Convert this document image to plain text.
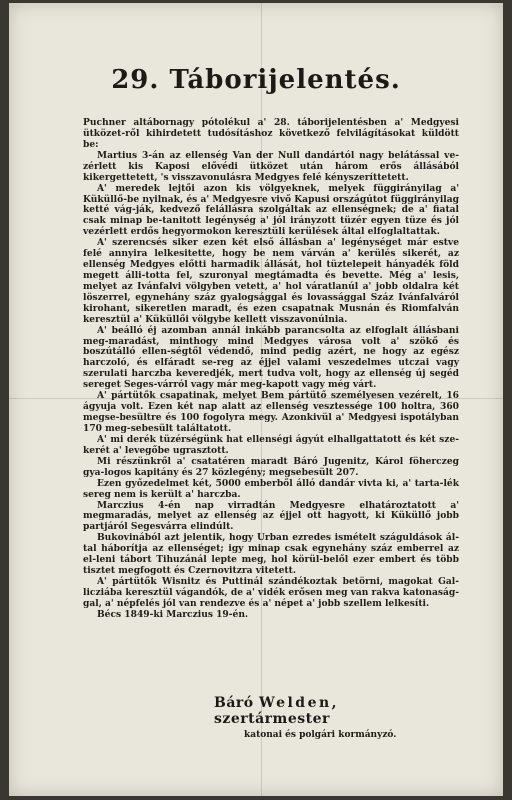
29. Táborijelentés.

Puchner altábornagy pótolékul a' 28. táborijelentésben a' Medgyesi ütközet-ről kihirdetett tudósításhoz következő felvilágításokat küldött be:

Martius 3-án az ellenség Van der Null dandártól nagy belátással ve-zérlett kis Kaposi elővédi ütközet után három erős állásából kikergettetett, 's visszavonulásra Medgyes felé kényszeríttetett.

A' meredek lejtői azon kis völgyeknek, melyek függirányilag a' Küküllő-be nyilnak, és a' Medgyesre vivő Kapusi országútot függirányilag ketté vág-ják, kedvező felállásra szolgáltak az ellenségnek; de a' fiatal csak minap be-tanitott legénység a' jól irányzott tüzér egyen tüze és jól vezérlett erdős hegyormokon keresztüli kerülések által elfoglaltattak.

A' szerencsés siker ezen két első állásban a' legénységet már estve felé annyira lelkesitette, hogy be nem várván a' kerülés sikerét, az ellenség Medgyes előtti harmadik állását, hol tüztelepeit hányadék föld megett álli-totta fel, szuronyal megtámadta és bevette. Még a' lesis, melyet az Ivánfalvi völgyben vetett, a' hol váratlanúl a' jobb oldalra két löszerrel, egynehány száz gyalogsággal és lovassággal Száz Ivánfalváról kirohant, sikeretlen maradt, és ezen csapatnak Musnán és Riomfalván keresztül a' Küküllői völgybe kellett visszavonúlnia.

A' beálló éj azomban annál inkább parancsolta az elfoglalt állásbani meg-maradást, minthogy mind Medgyes városa volt a' szökő és boszútálló ellen-ségtől védendő, mind pedig azért, ne hogy az egész harczoló, és elfáradt se-reg az éjjel valami veszedelmes utczai vagy szerulati harczba keveredjék, mert tudva volt, hogy az ellenség új segéd sereget Seges-várról vagy már meg-kapott vagy még várt.

A' pártütők csapatinak, melyet Bem pártütő személyesen vezérelt, 16 ágyuja volt. Ezen két nap alatt az ellenség vesztessége 100 holtra, 360 megse-besültre és 100 fogolyra megy. Azonkivül a' Medgyesi ispotályban 170 meg-sebesült találtatott.

A' mi derék tüzérségünk hat ellenségi ágyút elhallgattatott és két sze-kerét a' levegőbe ugrasztott.

Mi részünkről a' csatatéren maradt Báró Jugenitz, Károl föherczeg gya-logos kapitány és 27 közlegény; megsebesült 207.

Ezen győzedelmet két, 5000 emberből álló dandár vivta ki, a' tarta-lék sereg nem is került a' harczba.

Marczius 4-én nap virradtán Medgyesre elhatároztatott a' megmaradás, melyet az ellenség az éjjel ott hagyott, ki Küküllő jobb partjáról Segesvárra elindúlt.

Bukovinából azt jelentik, hogy Urban ezredes ismételt száguldások ál-tal háborítja az ellenséget; igy minap csak egynehány száz emberrel az el-leni tábort Tihuzánál lepte meg, hol körül-belől ezer embert és több tisztet megfogott és Czernovitzra vitetett.

A' pártütők Wisnitz és Puttinál szándékoztak betörni, magokat Gal-licziába keresztül vágandók, de a' vidék erősen meg van rakva katonaság-gal, a' népfelés jól van rendezve és a' népet a' jobb szellem lelkesíti.

Bécs 1849-ki Marczius 19-én.

Báró Welden, szertármester
katonai és polgári kormányzó.
